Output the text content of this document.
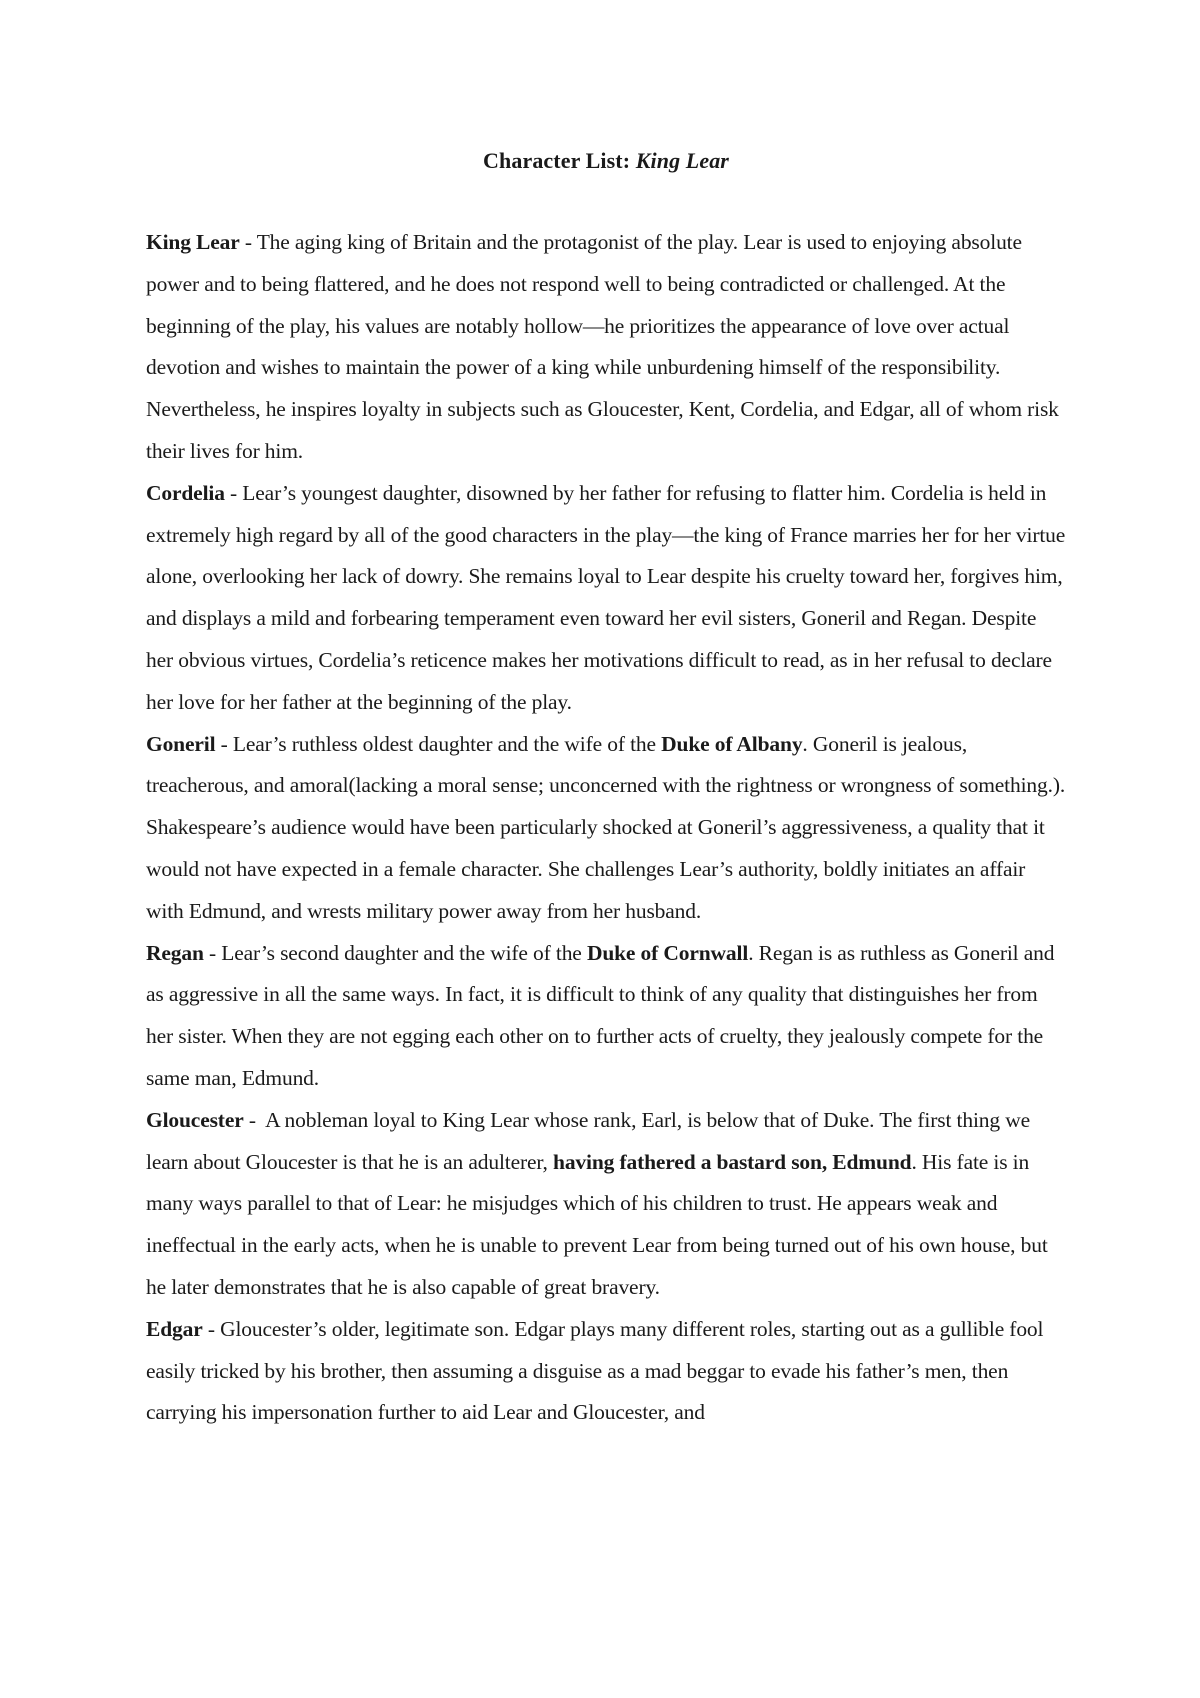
Character List: King Lear

King Lear - The aging king of Britain and the protagonist of the play. Lear is used to enjoying absolute power and to being flattered, and he does not respond well to being contradicted or challenged. At the beginning of the play, his values are notably hollow—he prioritizes the appearance of love over actual devotion and wishes to maintain the power of a king while unburdening himself of the responsibility. Nevertheless, he inspires loyalty in subjects such as Gloucester, Kent, Cordelia, and Edgar, all of whom risk their lives for him.

Cordelia - Lear’s youngest daughter, disowned by her father for refusing to flatter him. Cordelia is held in extremely high regard by all of the good characters in the play—the king of France marries her for her virtue alone, overlooking her lack of dowry. She remains loyal to Lear despite his cruelty toward her, forgives him, and displays a mild and forbearing temperament even toward her evil sisters, Goneril and Regan. Despite her obvious virtues, Cordelia’s reticence makes her motivations difficult to read, as in her refusal to declare her love for her father at the beginning of the play.

Goneril - Lear’s ruthless oldest daughter and the wife of the Duke of Albany. Goneril is jealous, treacherous, and amoral(lacking a moral sense; unconcerned with the rightness or wrongness of something.). Shakespeare’s audience would have been particularly shocked at Goneril’s aggressiveness, a quality that it would not have expected in a female character. She challenges Lear’s authority, boldly initiates an affair with Edmund, and wrests military power away from her husband.

Regan - Lear’s second daughter and the wife of the Duke of Cornwall. Regan is as ruthless as Goneril and as aggressive in all the same ways. In fact, it is difficult to think of any quality that distinguishes her from her sister. When they are not egging each other on to further acts of cruelty, they jealously compete for the same man, Edmund.

Gloucester -  A nobleman loyal to King Lear whose rank, Earl, is below that of Duke. The first thing we learn about Gloucester is that he is an adulterer, having fathered a bastard son, Edmund. His fate is in many ways parallel to that of Lear: he misjudges which of his children to trust. He appears weak and ineffectual in the early acts, when he is unable to prevent Lear from being turned out of his own house, but he later demonstrates that he is also capable of great bravery.

Edgar - Gloucester’s older, legitimate son. Edgar plays many different roles, starting out as a gullible fool easily tricked by his brother, then assuming a disguise as a mad beggar to evade his father’s men, then carrying his impersonation further to aid Lear and Gloucester, and
